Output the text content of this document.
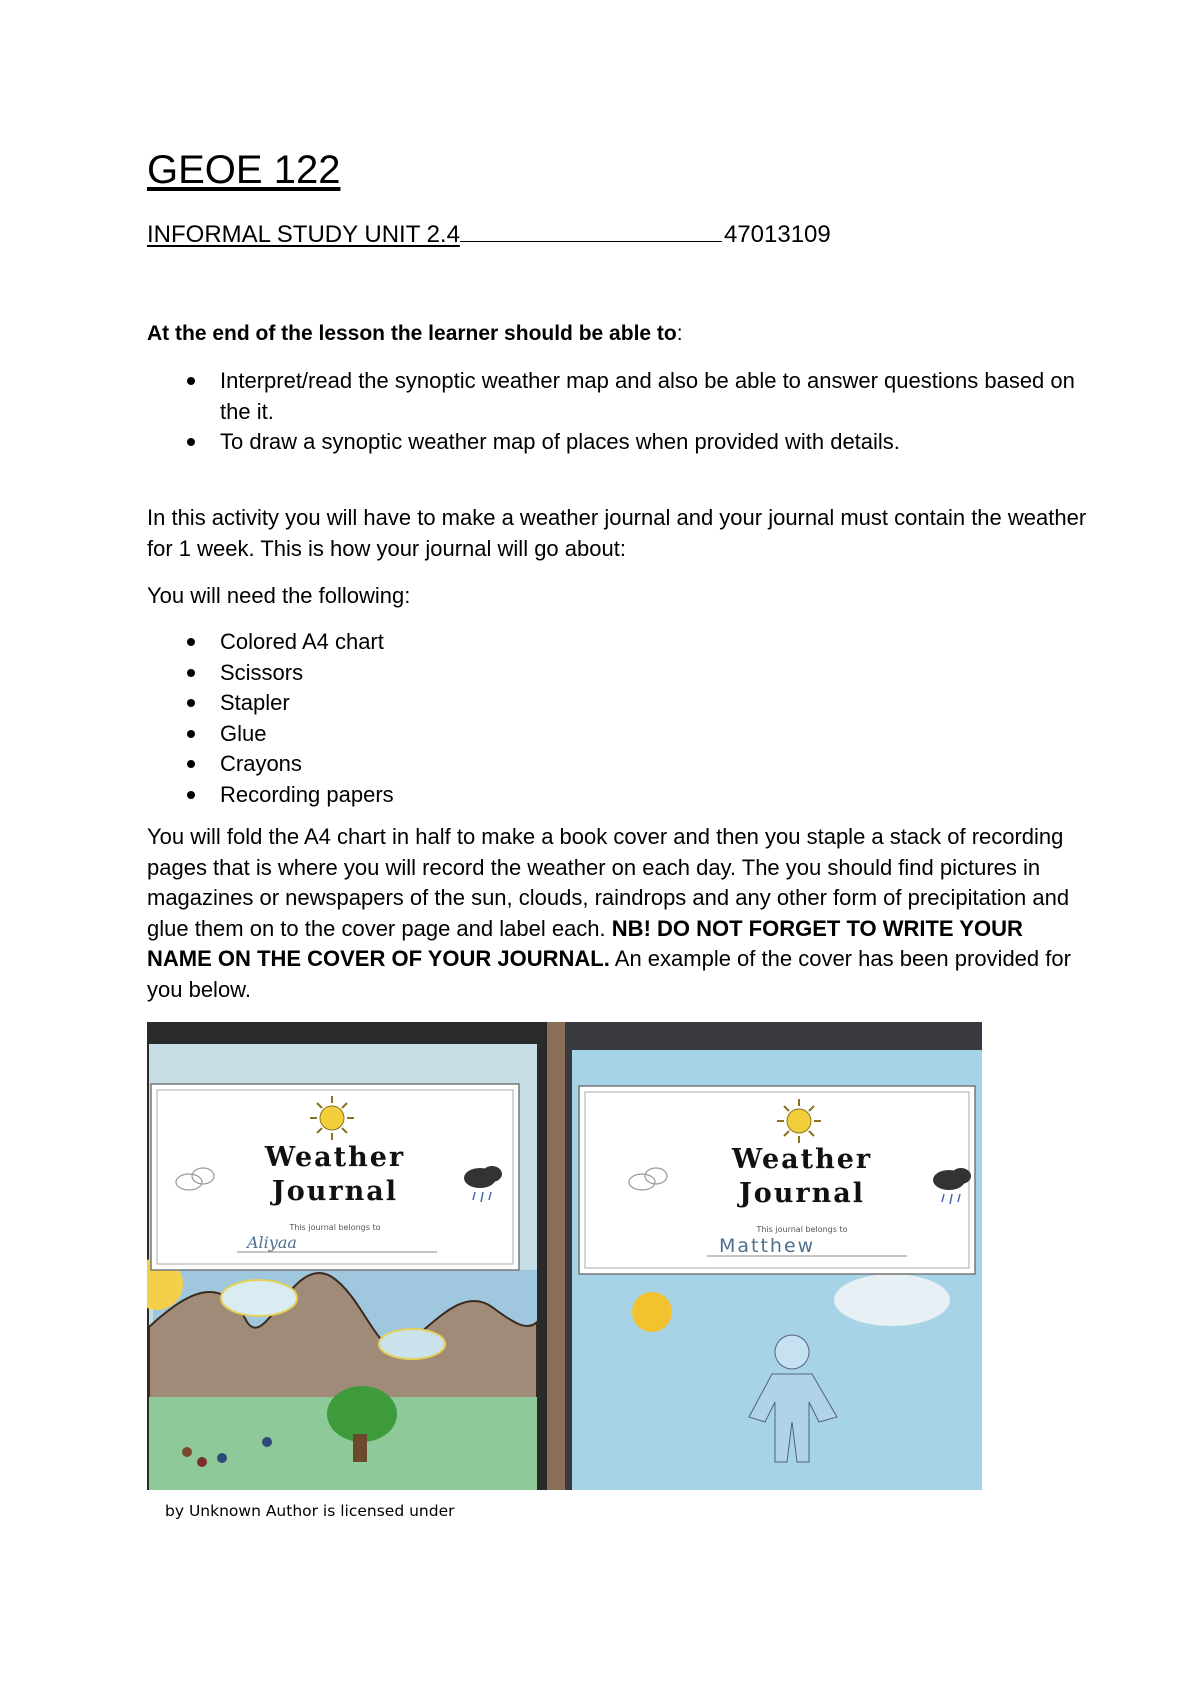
GEOE 122
INFORMAL STUDY UNIT 2.4	47013109
At the end of the lesson the learner should be able to:
Interpret/read the synoptic weather map and also be able to answer questions based on the it.
To draw a synoptic weather map of places when provided with details.

In this activity you will have to make a weather journal and your journal must contain the weather for 1 week. This is how your journal will go about:

You will need the following:

Colored A4 chart
Scissors
Stapler
Glue
Crayons
Recording papers

You will fold the A4 chart in half to make a book cover and then you staple a stack of recording pages that is where you will record the weather on each day. The you should find pictures in magazines or newspapers of the sun, clouds, raindrops and any other form of precipitation and glue them on to the cover page and label each. NB! DO NOT FORGET TO WRITE YOUR NAME ON THE COVER OF YOUR JOURNAL. An example of the cover has been provided for you below.

Weather
Journal
This journal belongs to
Aliyaa
Weather
Journal
This journal belongs to
Matthew
by Unknown Author is licensed under
